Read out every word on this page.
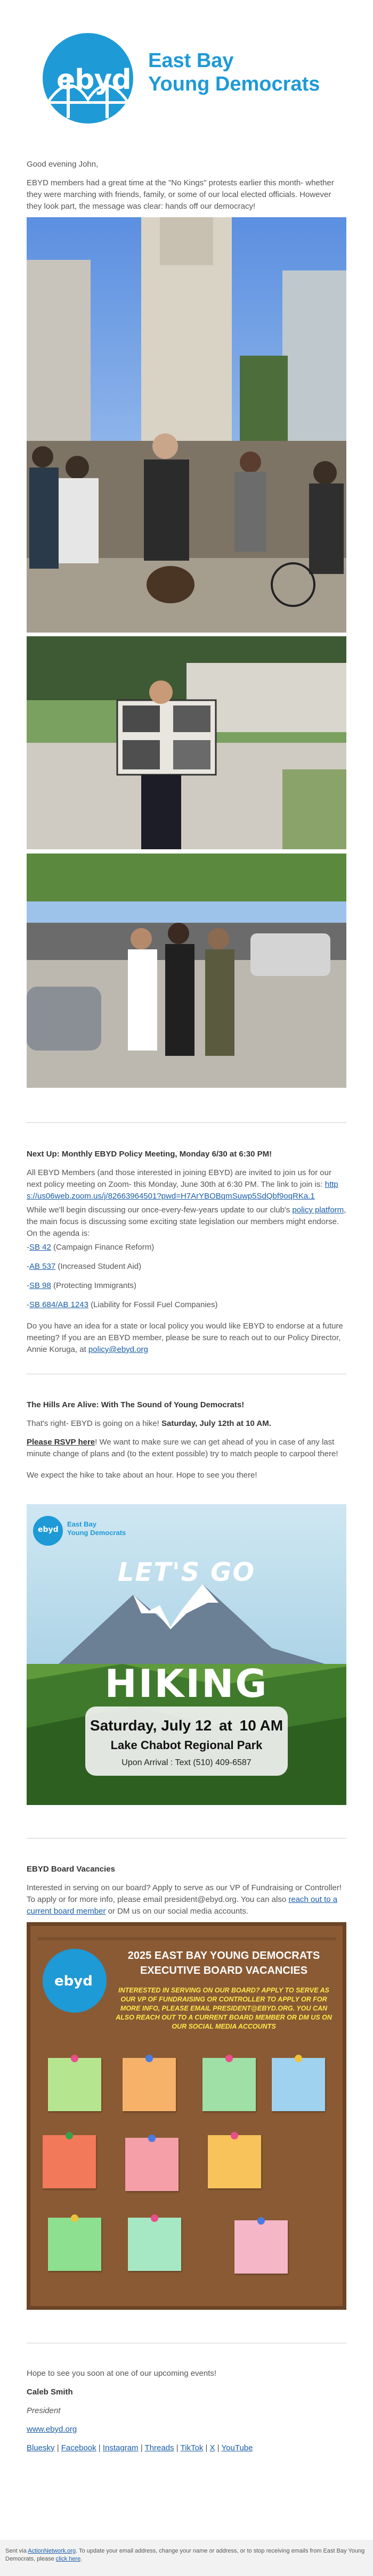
ebyd
East Bay
Young Democrats

Good evening John,

EBYD members had a great time at the "No Kings" protests earlier this month- whether they were marching with friends, family, or some of our local elected officials. However they look part, the message was clear: hands off our democracy!

Next Up: Monthly EBYD Policy Meeting, Monday 6/30 at 6:30 PM!

All EBYD Members (and those interested in joining EBYD) are invited to join us for our next policy meeting on Zoom- this Monday, June 30th at 6:30 PM. The link to join is: https://us06web.zoom.us/j/82663964501?pwd=H7ArYBOBqmSuwp5SdQbf9oqRKa.1

While we'll begin discussing our once-every-few-years update to our club's policy platform, the main focus is discussing some exciting state legislation our members might endorse. On the agenda is:

-SB 42 (Campaign Finance Reform)

-AB 537 (Increased Student Aid)

-SB 98 (Protecting Immigrants)

-SB 684/AB 1243 (Liability for Fossil Fuel Companies)

Do you have an idea for a state or local policy you would like EBYD to endorse at a future meeting? If you are an EBYD member, please be sure to reach out to our Policy Director, Annie Koruga, at policy@ebyd.org

The Hills Are Alive: With The Sound of Young Democrats!

That's right- EBYD is going on a hike! Saturday, July 12th at 10 AM.

Please RSVP here! We want to make sure we can get ahead of you in case of any last minute change of plans and (to the extent possible) try to match people to carpool there!

We expect the hike to take about an hour. Hope to see you there!

ebyd
East Bay
Young Democrats
LET'S GO
HIKING
Saturday, July 12 at 10 AM
Lake Chabot Regional Park
Upon Arrival : Text (510) 409-6587

EBYD Board Vacancies

Interested in serving on our board? Apply to serve as our VP of Fundraising or Controller! To apply or for more info, please email president@ebyd.org. You can also reach out to a current board member or DM us on our social media accounts.

ebyd
2025 EAST BAY YOUNG DEMOCRATS
EXECUTIVE BOARD VACANCIES
INTERESTED IN SERVING ON OUR BOARD? APPLY TO SERVE AS OUR VP OF FUNDRAISING OR CONTROLLER TO APPLY OR FOR MORE INFO, PLEASE EMAIL PRESIDENT@EBYD.ORG. YOU CAN ALSO REACH OUT TO A CURRENT BOARD MEMBER OR DM US ON OUR SOCIAL MEDIA ACCOUNTS

Hope to see you soon at one of our upcoming events!

Caleb Smith

President

www.ebyd.org

Bluesky | Facebook | Instagram | Threads | TikTok | X | YouTube

Sent via ActionNetwork.org. To update your email address, change your name or address, or to stop receiving emails from East Bay Young Democrats, please click here.
